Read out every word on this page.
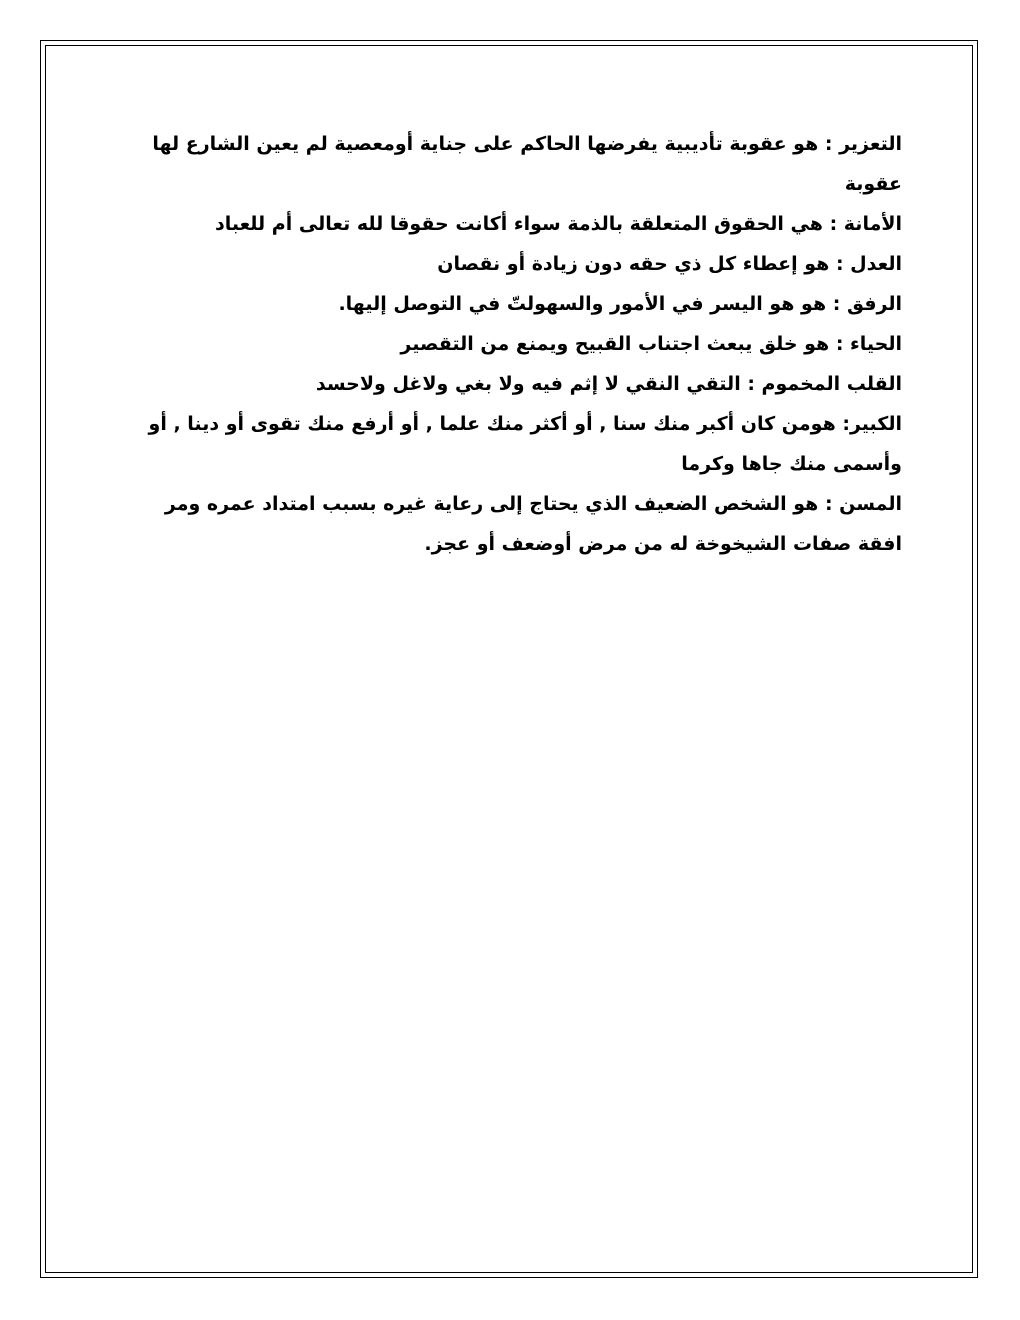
التعزير : هو عقوبة تأديبية يفرضها الحاكم على جناية أومعصية لم يعين الشارع لها عقوبة

الأمانة : هي الحقوق المتعلقة بالذمة سواء أكانت حقوقا لله تعالى أم للعباد

العدل : هو إعطاء كل ذي حقه دون زيادة أو نقصان

الرفق : هو هو اليسر في الأمور والسهولتّ في التوصل إليها.

الحياء : هو خلق يبعث اجتناب القبيح ويمنع من التقصير

القلب المخموم : التقي النقي لا إثم فيه ولا بغي ولاغل ولاحسد

الكبير: هومن كان أكبر منك سنا , أو أكثر منك علما , أو أرفع منك تقوى أو دينا , أو وأسمى منك جاها وكرما

المسن : هو الشخص الضعيف الذي يحتاج إلى رعاية غيره بسبب امتداد عمره ومر افقة صفات الشيخوخة له من مرض أوضعف أو عجز.
